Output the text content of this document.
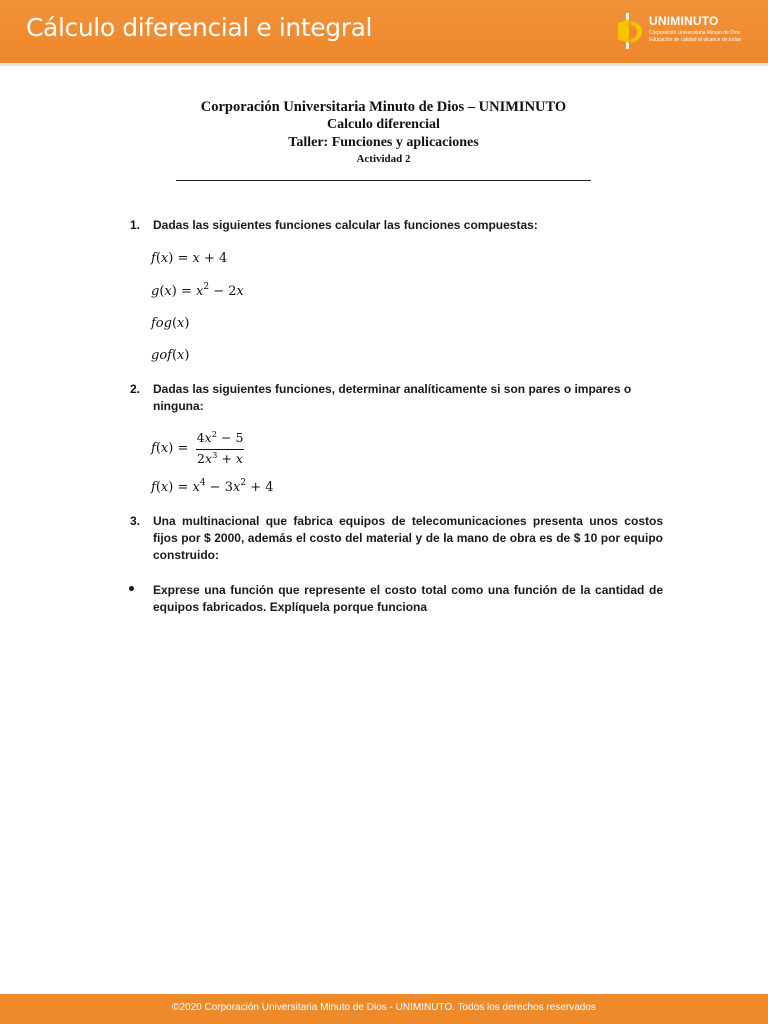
Cálculo diferencial e integral	UNIMINUTO
Corporación Universitaria Minuto de Dios
Educación de calidad al alcance de todos
Corporación Universitaria Minuto de Dios – UNIMINUTO
Calculo diferencial
Taller: Funciones y aplicaciones
Actividad 2
1. Dadas las siguientes funciones calcular las funciones compuestas:
f(x) = x + 4
$g(x) = x^2 - 2x$
fog(x)
gof(x)
2. Dadas las siguientes funciones, determinar analíticamente si son pares o impares o ninguna:
f(x) =
$4x^2 - 5$
$2x^3 + x$
$f(x) = x^4 - 3x^2 + 4$
3. Una multinacional que fabrica equipos de telecomunicaciones presenta unos costos fijos por $ 2000, además el costo del material y de la mano de obra es de $ 10 por equipo construido:
Exprese una función que represente el costo total como una función de la cantidad de equipos fabricados. Explíquela porque funciona
©2020 Corporación Universitaria Minuto de Dios - UNIMINUTO. Todos los derechos reservados
